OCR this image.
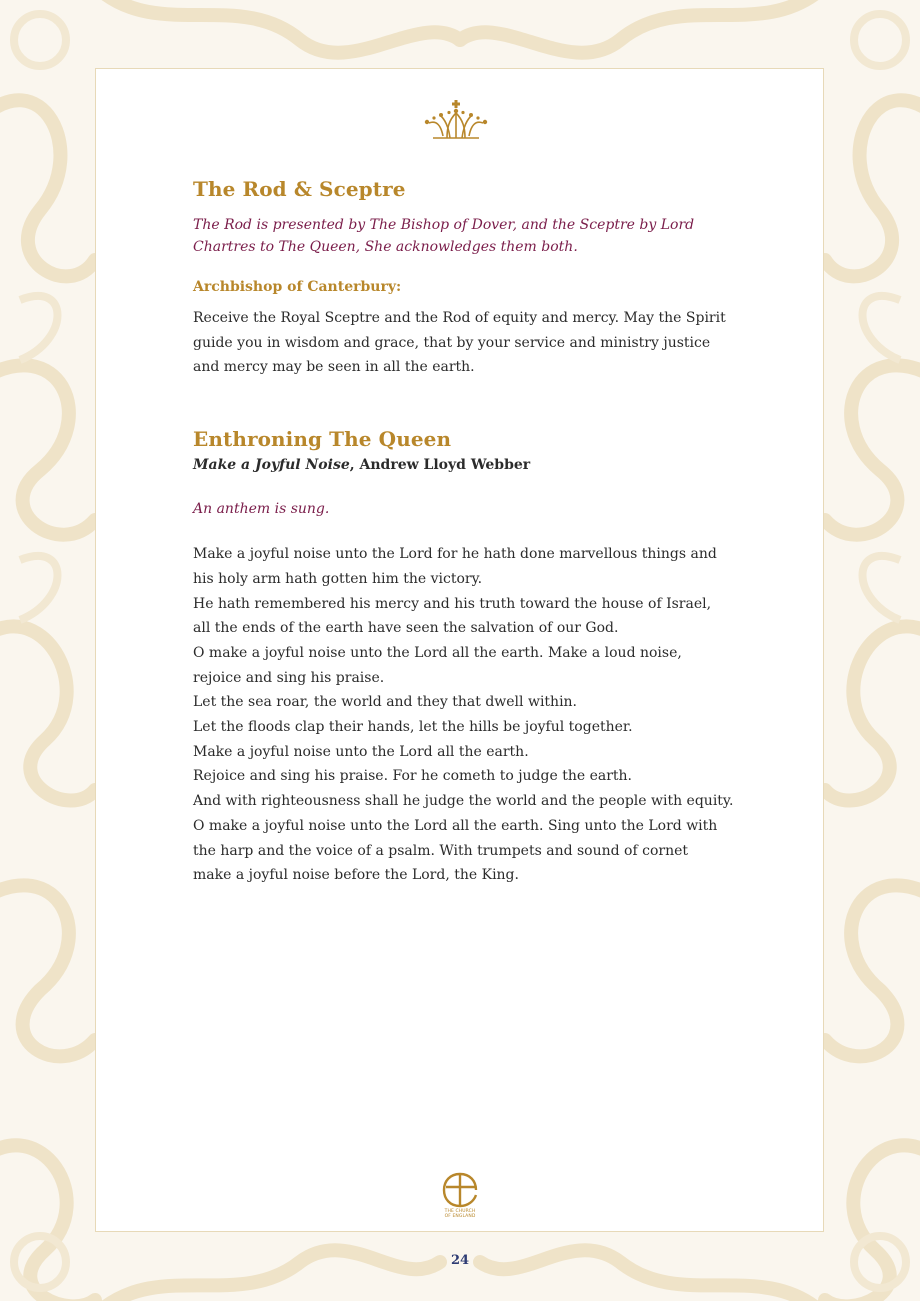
The Rod & Sceptre

The Rod is presented by The Bishop of Dover, and the Sceptre by Lord
Chartres to The Queen, She acknowledges them both.

Archbishop of Canterbury:

Receive the Royal Sceptre and the Rod of equity and mercy. May the Spirit
guide you in wisdom and grace, that by your service and ministry justice
and mercy may be seen in all the earth.

Enthroning The Queen

Make a Joyful Noise, Andrew Lloyd Webber

An anthem is sung.

Make a joyful noise unto the Lord for he hath done marvellous things and
his holy arm hath gotten him the victory.
He hath remembered his mercy and his truth toward the house of Israel,
all the ends of the earth have seen the salvation of our God.
O make a joyful noise unto the Lord all the earth. Make a loud noise,
rejoice and sing his praise.
Let the sea roar, the world and they that dwell within.
Let the floods clap their hands, let the hills be joyful together.
Make a joyful noise unto the Lord all the earth.
Rejoice and sing his praise. For he cometh to judge the earth.
And with righteousness shall he judge the world and the people with equity.
O make a joyful noise unto the Lord all the earth. Sing unto the Lord with
the harp and the voice of a psalm. With trumpets and sound of cornet
make a joyful noise before the Lord, the King.

THE CHURCH
OF ENGLAND
24
